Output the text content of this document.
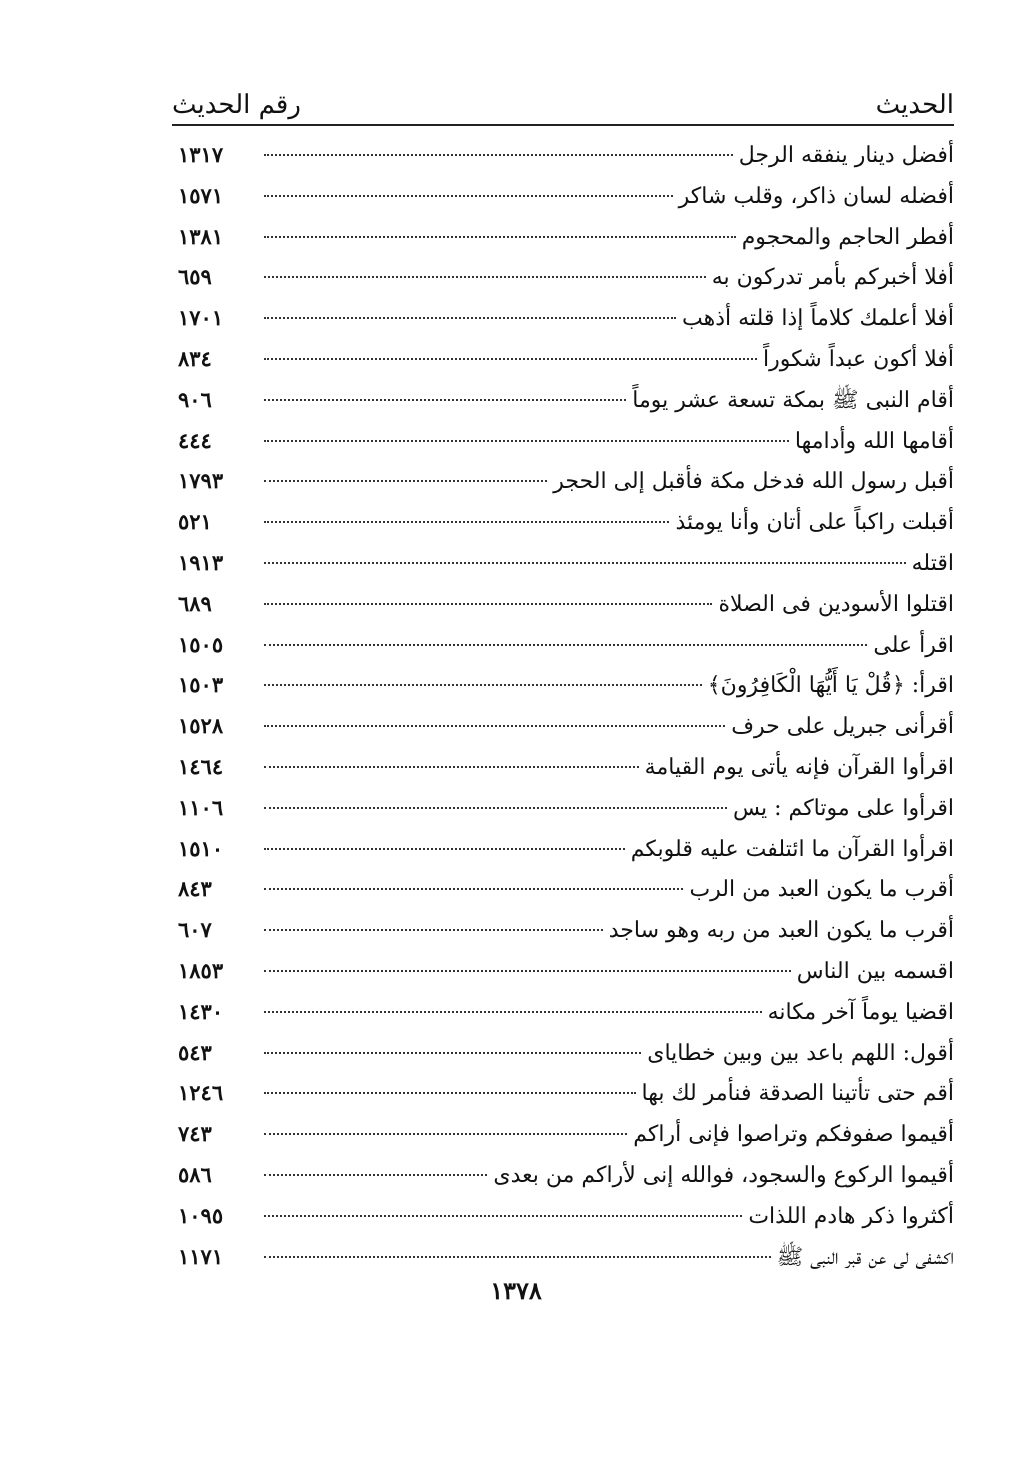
رقم الحديث	الحديث
أفضل دينار ينفقه الرجل
١٣١٧
أفضله لسان ذاكر، وقلب شاكر
١٥٧١
أفطر الحاجم والمحجوم
١٣٨١
أفلا أخبركم بأمر تدركون به
٦٥٩
أفلا أعلمك كلاماً إذا قلته أذهب
١٧٠١
أفلا أكون عبداً شكوراً
٨٣٤
أقام النبى ﷺ بمكة تسعة عشر يوماً
٩٠٦
أقامها الله وأدامها
٤٤٤
أقبل رسول الله فدخل مكة فأقبل إلى الحجر
١٧٩٣
أقبلت راكباً على أتان وأنا يومئذ
٥٢١
اقتله
١٩١٣
اقتلوا الأسودين فى الصلاة
٦٨٩
اقرأ على
١٥٠٥
اقرأ: ﴿قُلْ يَا أَيُّهَا الْكَافِرُونَ﴾
١٥٠٣
أقرأنى جبريل على حرف
١٥٢٨
اقرأوا القرآن فإنه يأتى يوم القيامة
١٤٦٤
اقرأوا على موتاكم : يس
١١٠٦
اقرأوا القرآن ما ائتلفت عليه قلوبكم
١٥١٠
أقرب ما يكون العبد من الرب
٨٤٣
أقرب ما يكون العبد من ربه وهو ساجد
٦٠٧
اقسمه بين الناس
١٨٥٣
اقضيا يوماً آخر مكانه
١٤٣٠
أقول: اللهم باعد بين وبين خطاياى
٥٤٣
أقم حتى تأتينا الصدقة فنأمر لك بها
١٢٤٦
أقيموا صفوفكم وتراصوا فإنى أراكم
٧٤٣
أقيموا الركوع والسجود، فوالله إنى لأراكم من بعدى
٥٨٦
أكثروا ذكر هادم اللذات
١٠٩٥
اكشفى لى عن قبر النبى ﷺ
١١٧١
١٣٧٨
